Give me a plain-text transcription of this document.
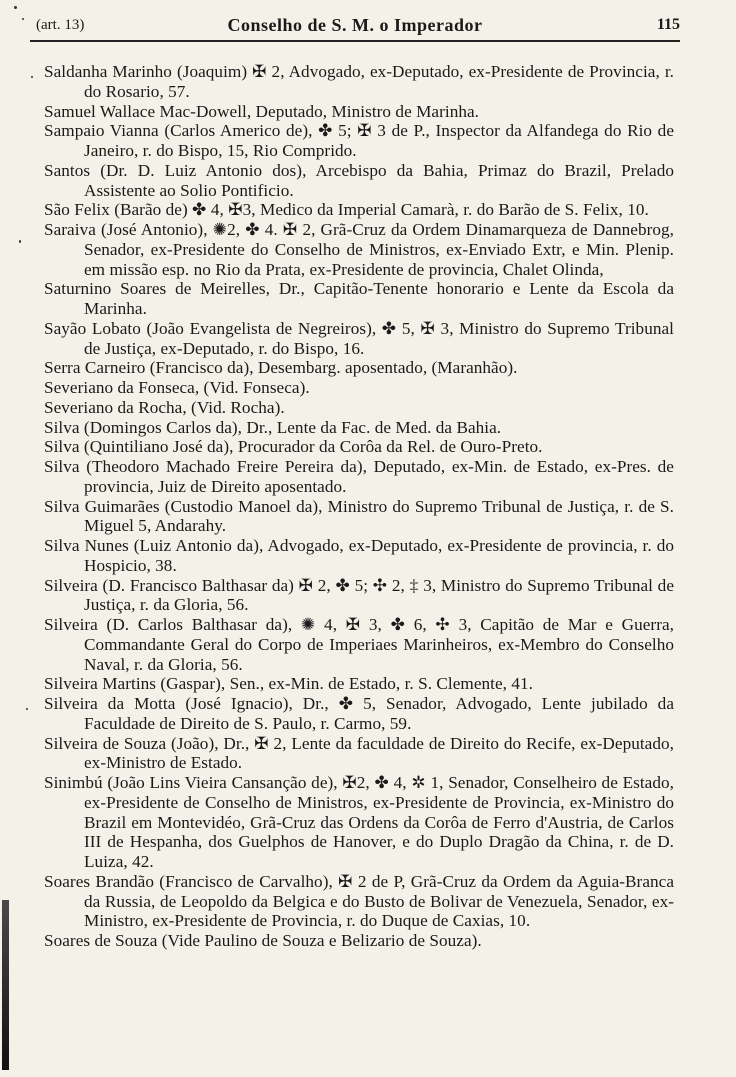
(art. 13)	Conselho de S. M. o Imperador	115
Saldanha Marinho (Joaquim) ✠ 2, Advogado, ex-Deputado, ex-Presidente de Provincia, r. do Rosario, 57.
Samuel Wallace Mac-Dowell, Deputado, Ministro de Marinha.
Sampaio Vianna (Carlos Americo de), ✤ 5; ✠ 3 de P., Inspector da Alfandega do Rio de Janeiro, r. do Bispo, 15, Rio Comprido.
Santos (Dr. D. Luiz Antonio dos), Arcebispo da Bahia, Primaz do Brazil, Prelado Assistente ao Solio Pontificio.
São Felix (Barão de) ✤ 4, ✠3, Medico da Imperial Camarà, r. do Barão de S. Felix, 10.
Saraiva (José Antonio), ✺2, ✤ 4. ✠ 2, Grã-Cruz da Ordem Dinamarqueza de Dannebrog, Senador, ex-Presidente do Conselho de Ministros, ex-Enviado Extr, e Min. Plenip. em missão esp. no Rio da Prata, ex-Presidente de provincia, Chalet Olinda,
Saturnino Soares de Meirelles, Dr., Capitão-Tenente honorario e Lente da Escola da Marinha.
Sayão Lobato (João Evangelista de Negreiros), ✤ 5, ✠ 3, Ministro do Supremo Tribunal de Justiça, ex-Deputado, r. do Bispo, 16.
Serra Carneiro (Francisco da), Desembarg. aposentado, (Maranhão).
Severiano da Fonseca, (Vid. Fonseca).
Severiano da Rocha, (Vid. Rocha).
Silva (Domingos Carlos da), Dr., Lente da Fac. de Med. da Bahia.
Silva (Quintiliano José da), Procurador da Corôa da Rel. de Ouro-Preto.
Silva (Theodoro Machado Freire Pereira da), Deputado, ex-Min. de Estado, ex-Pres. de provincia, Juiz de Direito aposentado.
Silva Guimarães (Custodio Manoel da), Ministro do Supremo Tribunal de Justiça, r. de S. Miguel 5, Andarahy.
Silva Nunes (Luiz Antonio da), Advogado, ex-Deputado, ex-Presidente de provincia, r. do Hospicio, 38.
Silveira (D. Francisco Balthasar da) ✠ 2, ✤ 5; ✣ 2, ‡ 3, Ministro do Supremo Tribunal de Justiça, r. da Gloria, 56.
Silveira (D. Carlos Balthasar da), ✺ 4, ✠ 3, ✤ 6, ✣ 3, Capitão de Mar e Guerra, Commandante Geral do Corpo de Imperiaes Marinheiros, ex-Membro do Conselho Naval, r. da Gloria, 56.
Silveira Martins (Gaspar), Sen., ex-Min. de Estado, r. S. Clemente, 41.
Silveira da Motta (José Ignacio), Dr., ✤ 5, Senador, Advogado, Lente jubilado da Faculdade de Direito de S. Paulo, r. Carmo, 59.
Silveira de Souza (João), Dr., ✠ 2, Lente da faculdade de Direito do Recife, ex-Deputado, ex-Ministro de Estado.
Sinimbú (João Lins Vieira Cansanção de), ✠2, ✤ 4, ✲ 1, Senador, Conselheiro de Estado, ex-Presidente de Conselho de Ministros, ex-Presidente de Provincia, ex-Ministro do Brazil em Montevidéo, Grã-Cruz das Ordens da Corôa de Ferro d'Austria, de Carlos III de Hespanha, dos Guelphos de Hanover, e do Duplo Dragão da China, r. de D. Luiza, 42.
Soares Brandão (Francisco de Carvalho), ✠ 2 de P, Grã-Cruz da Ordem da Aguia-Branca da Russia, de Leopoldo da Belgica e do Busto de Bolivar de Venezuela, Senador, ex-Ministro, ex-Presidente de Provincia, r. do Duque de Caxias, 10.
Soares de Souza (Vide Paulino de Souza e Belizario de Souza).
